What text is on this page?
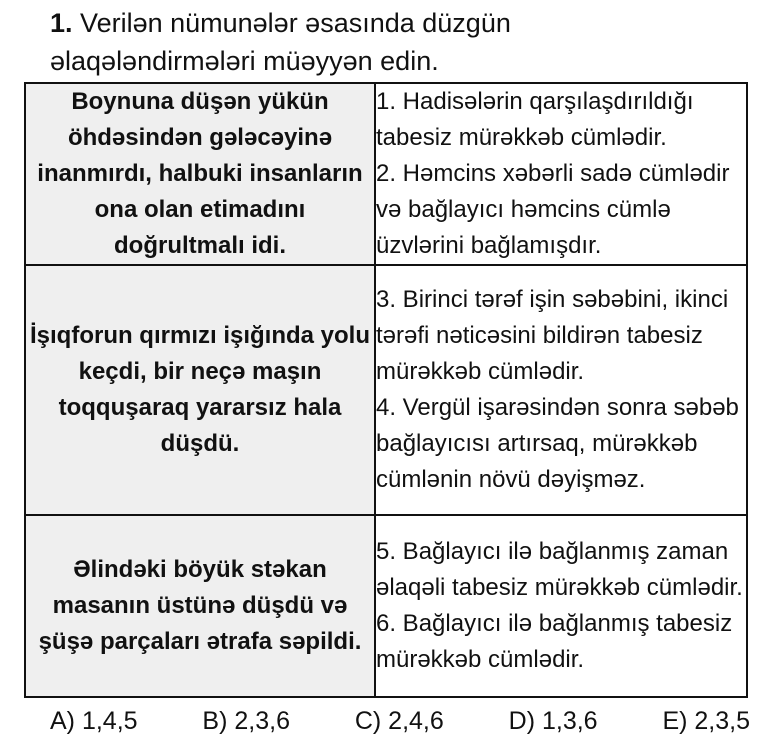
1. Verilən nümunələr əsasında düzgün
əlaqələndirmələri müəyyən edin.
Boynuna düşən yükün öhdəsindən gələcəyinə inanmırdı, halbuki insanların ona olan etimadını doğrultmalı idi.	1. Hadisələrin qarşılaşdırıldığı tabesiz mürəkkəb cümlədir.
2. Həmcins xəbərli sadə cümlədir və bağlayıcı həmcins cümlə üzvlərini bağlamışdır.

İşıqforun qırmızı işığında yolu keçdi, bir neçə maşın toqquşaraq yararsız hala düşdü.	3. Birinci tərəf işin səbəbini, ikinci tərəfi nəticəsini bildirən tabesiz mürəkkəb cümlədir.
4. Vergül işarəsindən sonra səbəb bağlayıcısı artırsaq, mürəkkəb cümlənin növü dəyişməz.

Əlindəki böyük stəkan masanın üstünə düşdü və şüşə parçaları ətrafa səpildi.	5. Bağlayıcı ilə bağlanmış zaman əlaqəli tabesiz mürəkkəb cümlədir.
6. Bağlayıcı ilə bağlanmış tabesiz mürəkkəb cümlədir.
A) 1,4,5	B) 2,3,6	C) 2,4,6	D) 1,3,6	E) 2,3,5
